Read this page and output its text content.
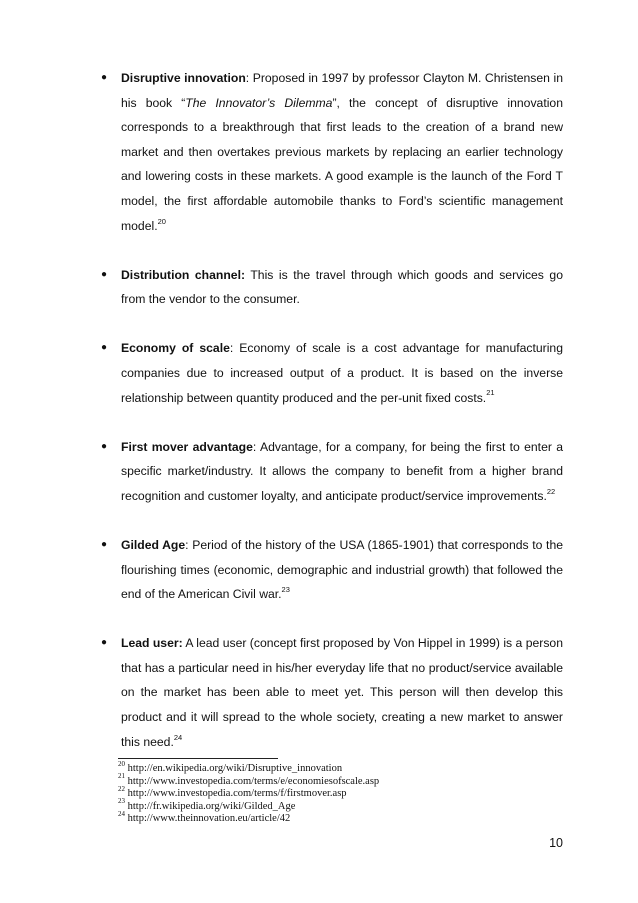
● Disruptive innovation: Proposed in 1997 by professor Clayton M. Christensen in his book “The Innovator’s Dilemma”, the concept of disruptive innovation corresponds to a breakthrough that first leads to the creation of a brand new market and then overtakes previous markets by replacing an earlier technology and lowering costs in these markets. A good example is the launch of the Ford T model, the first affordable automobile thanks to Ford’s scientific management model.$^{20}$
● Distribution channel: This is the travel through which goods and services go from the vendor to the consumer.
● Economy of scale: Economy of scale is a cost advantage for manufacturing companies due to increased output of a product. It is based on the inverse relationship between quantity produced and the per-unit fixed costs.$^{21}$
● First mover advantage: Advantage, for a company, for being the first to enter a specific market/industry. It allows the company to benefit from a higher brand recognition and customer loyalty, and anticipate product/service improvements.$^{22}$
● Gilded Age: Period of the history of the USA (1865-1901) that corresponds to the flourishing times (economic, demographic and industrial growth) that followed the end of the American Civil war.$^{23}$
● Lead user: A lead user (concept first proposed by Von Hippel in 1999) is a person that has a particular need in his/her everyday life that no product/service available on the market has been able to meet yet. This person will then develop this product and it will spread to the whole society, creating a new market to answer this need.$^{24}$
$^{20}$ http://en.wikipedia.org/wiki/Disruptive_innovation
$^{21}$ http://www.investopedia.com/terms/e/economiesofscale.asp
$^{22}$ http://www.investopedia.com/terms/f/firstmover.asp
$^{23}$ http://fr.wikipedia.org/wiki/Gilded_Age
$^{24}$ http://www.theinnovation.eu/article/42
10
